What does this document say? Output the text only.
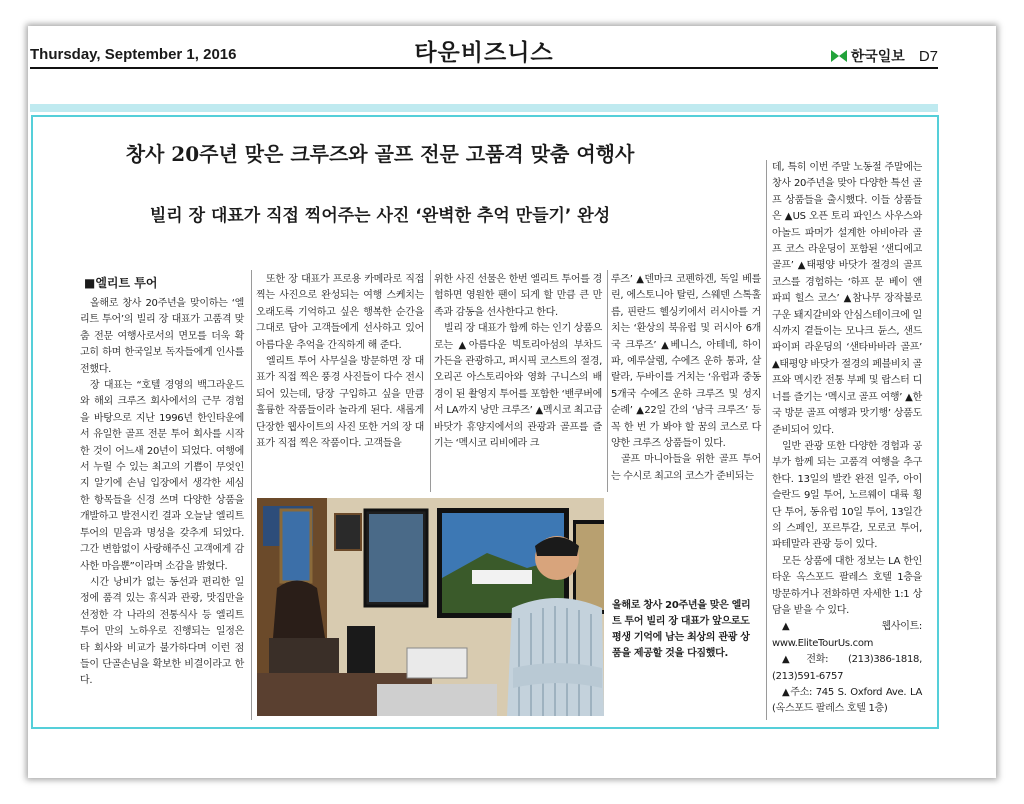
Thursday, September 1, 2016	타운비즈니스	한국일보 D7
창사 20주년 맞은 크루즈와 골프 전문 고품격 맞춤 여행사
빌리 장 대표가 직접 찍어주는 사진 ‘완벽한 추억 만들기’ 완성
■엘리트 투어

올해로 창사 20주년을 맞이하는 ‘엘리트 투어’의 빌리 장 대표가 고품격 맞춤 전문 여행사로서의 면모를 더욱 확고히 하며 한국일보 독자들에게 인사를 전했다.

장 대표는 “호텔 경영의 백그라운드와 해외 크루즈 회사에서의 근무 경험을 바탕으로 지난 1996년 한인타운에서 유일한 골프 전문 투어 회사를 시작한 것이 어느새 20년이 되었다. 여행에서 누릴 수 있는 최고의 기쁨이 무엇인지 알기에 손님 입장에서 생각한 세심한 항목들을 신경 쓰며 다양한 상품을 개발하고 발전시킨 결과 오늘날 엘리트 투어의 믿음과 명성을 갖추게 되었다. 그간 변함없이 사랑해주신 고객에게 감사한 마음뿐”이라며 소감을 밝혔다.

시간 낭비가 없는 동선과 편리한 일정에 품격 있는 휴식과 관광, 맛집만을 선정한 각 나라의 전통식사 등 엘리트 투어 만의 노하우로 진행되는 일정은 타 회사와 비교가 불가하다며 이런 점들이 단골손님을 확보한 비결이라고 한다.

또한 장 대표가 프로용 카메라로 직접 찍는 사진으로 완성되는 여행 스케치는 오래도록 기억하고 싶은 행복한 순간을 그대로 담아 고객들에게 선사하고 있어 아름다운 추억을 간직하게 해 준다.

엘리트 투어 사무실을 방문하면 장 대표가 직접 찍은 풍경 사진들이 다수 전시되어 있는데, 당장 구입하고 싶을 만큼 훌륭한 작품들이라 놀라게 된다. 새롭게 단장한 웹사이트의 사진 또한 거의 장 대표가 직접 찍은 작품이다. 고객들을

위한 사진 선물은 한번 엘리트 투어를 경험하면 영원한 팬이 되게 할 만큼 큰 만족과 감동을 선사한다고 한다.

빌리 장 대표가 함께 하는 인기 상품으로는 ▲아름다운 빅토리아섬의 부차드 가든을 관광하고, 퍼시픽 코스트의 절경, 오리곤 아스토리아와 영화 구니스의 배경이 된 촬영지 투어를 포함한 ‘밴쿠버에서 LA까지 낭만 크루즈’ ▲멕시코 최고급 바닷가 휴양지에서의 관광과 골프를 즐기는 ‘멕시코 리비에라 크

루즈’ ▲덴마크 코펜하겐, 독일 베를린, 에스토니아 탈린, 스웨덴 스톡홀름, 핀란드 헬싱키에서 러시아를 거치는 ‘환상의 북유럽 및 러시아 6개국 크루즈’ ▲베니스, 아테네, 하이파, 예루살렘, 수에즈 운하 통과, 살랄라, 두바이를 거치는 ‘유럽과 중동 5개국 수에즈 운하 크루즈 및 성지순례’ ▲22일 간의 ‘남극 크루즈’ 등 꼭 한 번 가 봐야 할 꿈의 코스로 다양한 크루즈 상품들이 있다.

골프 마니아들을 위한 골프 투어는 수시로 최고의 코스가 준비되는

데, 특히 이번 주말 노동절 주말에는 창사 20주년을 맞아 다양한 특선 골프 상품들을 출시했다. 이들 상품들은 ▲US 오픈 토리 파인스 사우스와 아놀드 파머가 설계한 아비아라 골프 코스 라운딩이 포함된 ‘샌디에고 골프’ ▲태평양 바닷가 절경의 골프코스를 경험하는 ‘하프 문 베이 앤 파피 힐스 코스’ ▲참나무 장작불로 구운 돼지갈비와 안심스테이크에 일식까지 곁들이는 모나크 듄스, 샌드파이퍼 라운딩의 ‘샌타바바라 골프’ ▲태평양 바닷가 절경의 페블비치 골프와 멕시칸 전통 부페 및 랍스터 디너를 즐기는 ‘멕시코 골프 여행’ ▲한국 방문 골프 여행과 맛기행’ 상품도 준비되어 있다.

일반 관광 또한 다양한 경험과 공부가 함께 되는 고품격 여행을 추구한다. 13일의 발칸 완전 일주, 아이슬란드 9일 투어, 노르웨이 대륙 횡단 투어, 동유럽 10일 투어, 13일간의 스페인, 포르투갈, 모로코 투어, 파테말라 관광 등이 있다.

모든 상품에 대한 정보는 LA 한인타운 옥스포드 팔레스 호텔 1층을 방문하거나 전화하면 자세한 1:1 상담을 받을 수 있다.

▲웹사이트: www.EliteTourUs.com

▲전화: (213)386-1818, (213)591-6757

▲주소: 745 S. Oxford Ave. LA (옥스포드 팔레스 호텔 1층)

올해로 창사 20주년을 맞은 엘리트 투어 빌리 장 대표가 앞으로도 평생 기억에 남는 최상의 관광 상품을 제공할 것을 다짐했다.
